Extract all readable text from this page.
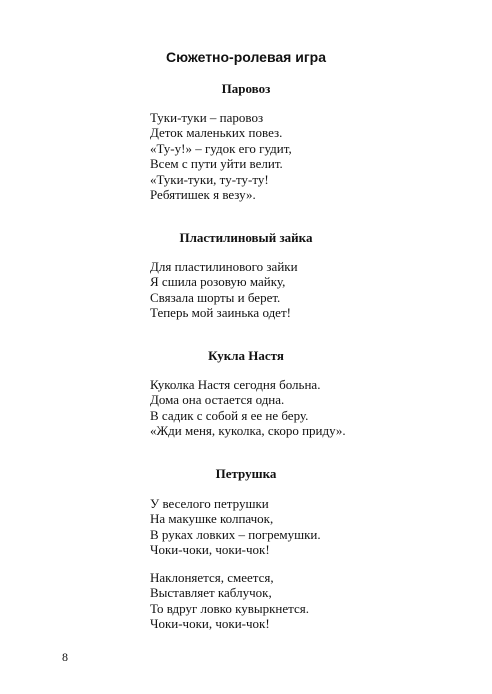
Сюжетно-ролевая игра
Паровоз
Туки-туки – паровоз
Деток маленьких повез.
«Ту-у!» – гудок его гудит,
Всем с пути уйти велит.
«Туки-туки, ту-ту-ту!
Ребятишек я везу».
Пластилиновый зайка
Для пластилинового зайки
Я сшила розовую майку,
Связала шорты и берет.
Теперь мой заинька одет!
Кукла Настя
Куколка Настя сегодня больна.
Дома она остается одна.
В садик с собой я ее не беру.
«Жди меня, куколка, скоро приду».
Петрушка
У веселого петрушки
На макушке колпачок,
В руках ловких – погремушки.
Чоки-чоки, чоки-чок!
Наклоняется, смеется,
Выставляет каблучок,
То вдруг ловко кувыркнется.
Чоки-чоки, чоки-чок!
8
